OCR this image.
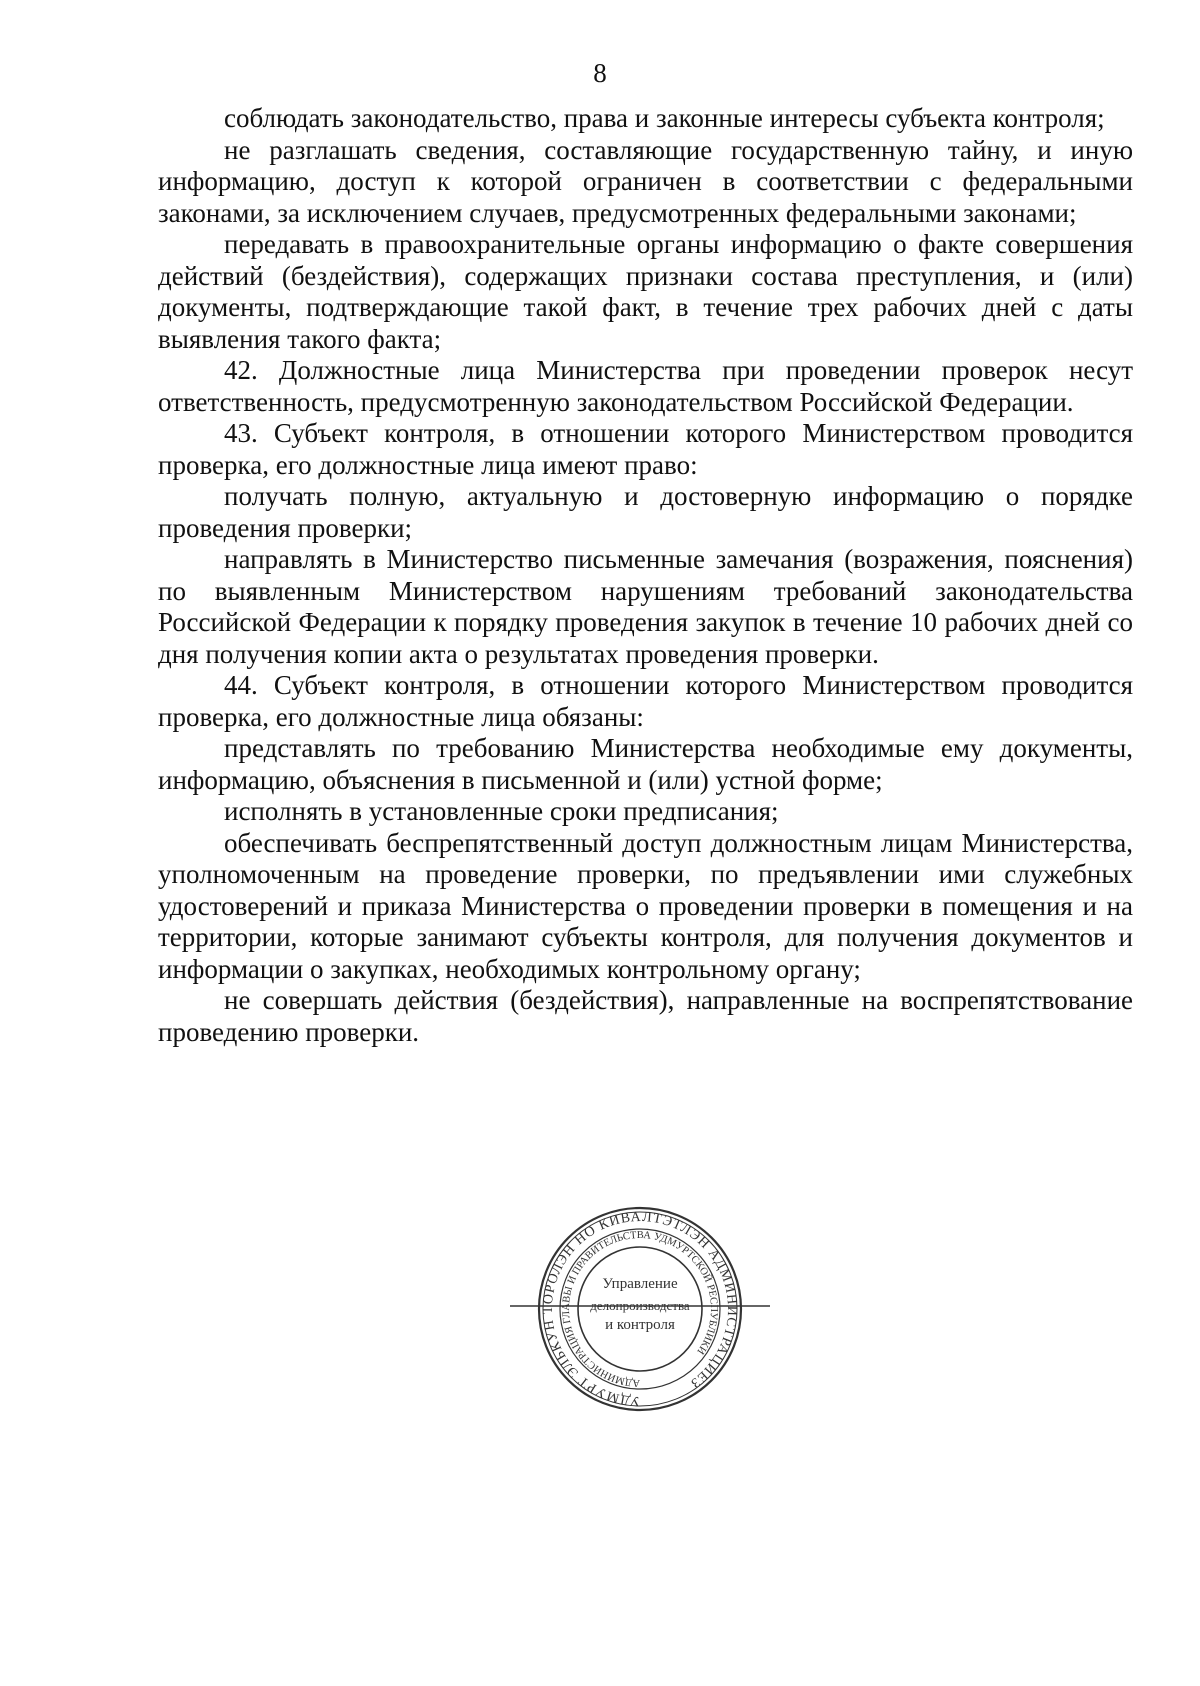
8

соблюдать законодательство, права и законные интересы субъекта контроля;

не разглашать сведения, составляющие государственную тайну, и иную информацию, доступ к которой ограничен в соответствии с федеральными законами, за исключением случаев, предусмотренных федеральными законами;

передавать в правоохранительные органы информацию о факте совершения действий (бездействия), содержащих признаки состава преступления, и (или) документы, подтверждающие такой факт, в течение трех рабочих дней с даты выявления такого факта;

42. Должностные лица Министерства при проведении проверок несут ответственность, предусмотренную законодательством Российской Федерации.

43. Субъект контроля, в отношении которого Министерством проводится проверка, его должностные лица имеют право:

получать полную, актуальную и достоверную информацию о порядке проведения проверки;

направлять в Министерство письменные замечания (возражения, пояснения) по выявленным Министерством нарушениям требований законодательства Российской Федерации к порядку проведения закупок в течение 10 рабочих дней со дня получения копии акта о результатах проведения проверки.

44. Субъект контроля, в отношении которого Министерством проводится проверка, его должностные лица обязаны:

представлять по требованию Министерства необходимые ему документы, информацию, объяснения в письменной и (или) устной форме;

исполнять в установленные сроки предписания;

обеспечивать беспрепятственный доступ должностным лицам Министерства, уполномоченным на проведение проверки, по предъявлении ими служебных удостоверений и приказа Министерства о проведении проверки в помещения и на территории, которые занимают субъекты контроля, для получения документов и информации о закупках, необходимых контрольному органу;

не совершать действия (бездействия), направленные на воспрепятствование проведению проверки.

УДМУРТ ЭЛЬКУН ТОРОЛЭН НО КИВАЛТЭТЛЭН АДМИНИСТРАЦИЕЗ
АДМИНИСТРАЦИЯ ГЛАВЫ И ПРАВИТЕЛЬСТВА УДМУРТСКОЙ РЕСПУБЛИКИ
Управление
делопроизводства
и контроля
